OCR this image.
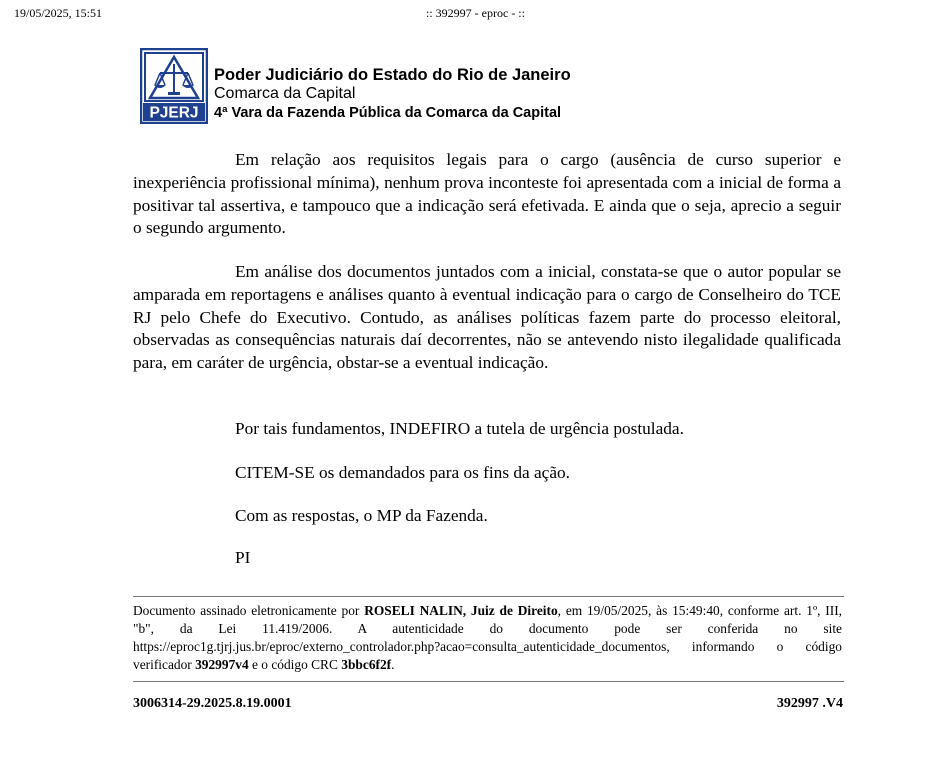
19/05/2025, 15:51	:: 392997 - eproc - ::
PJERJ
Poder Judiciário do Estado do Rio de Janeiro
Comarca da Capital
4ª Vara da Fazenda Pública da Comarca da Capital

Em relação aos requisitos legais para o cargo (ausência de curso superior e inexperiência profissional mínima), nenhum prova inconteste foi apresentada com a inicial de forma a positivar tal assertiva, e tampouco que a indicação será efetivada. E ainda que o seja, aprecio a seguir o segundo argumento.

Em análise dos documentos juntados com a inicial, constata-se que o autor popular se amparada em reportagens e análises quanto à eventual indicação para o cargo de Conselheiro do TCE RJ pelo Chefe do Executivo. Contudo, as análises políticas fazem parte do processo eleitoral, observadas as consequências naturais daí decorrentes, não se antevendo nisto ilegalidade qualificada para, em caráter de urgência, obstar-se a eventual indicação.

Por tais fundamentos, INDEFIRO a tutela de urgência postulada.
CITEM-SE os demandados para os fins da ação.
Com as respostas, o MP da Fazenda.
PI
Documento assinado eletronicamente por ROSELI NALIN, Juiz de Direito, em 19/05/2025, às 15:49:40, conforme art. 1º, III, "b", da Lei 11.419/2006. A autenticidade do documento pode ser conferida no site https://eproc1g.tjrj.jus.br/eproc/externo_controlador.php?acao=consulta_autenticidade_documentos, informando o código verificador 392997v4 e o código CRC 3bbc6f2f.
3006314-29.2025.8.19.0001	392997 .V4
